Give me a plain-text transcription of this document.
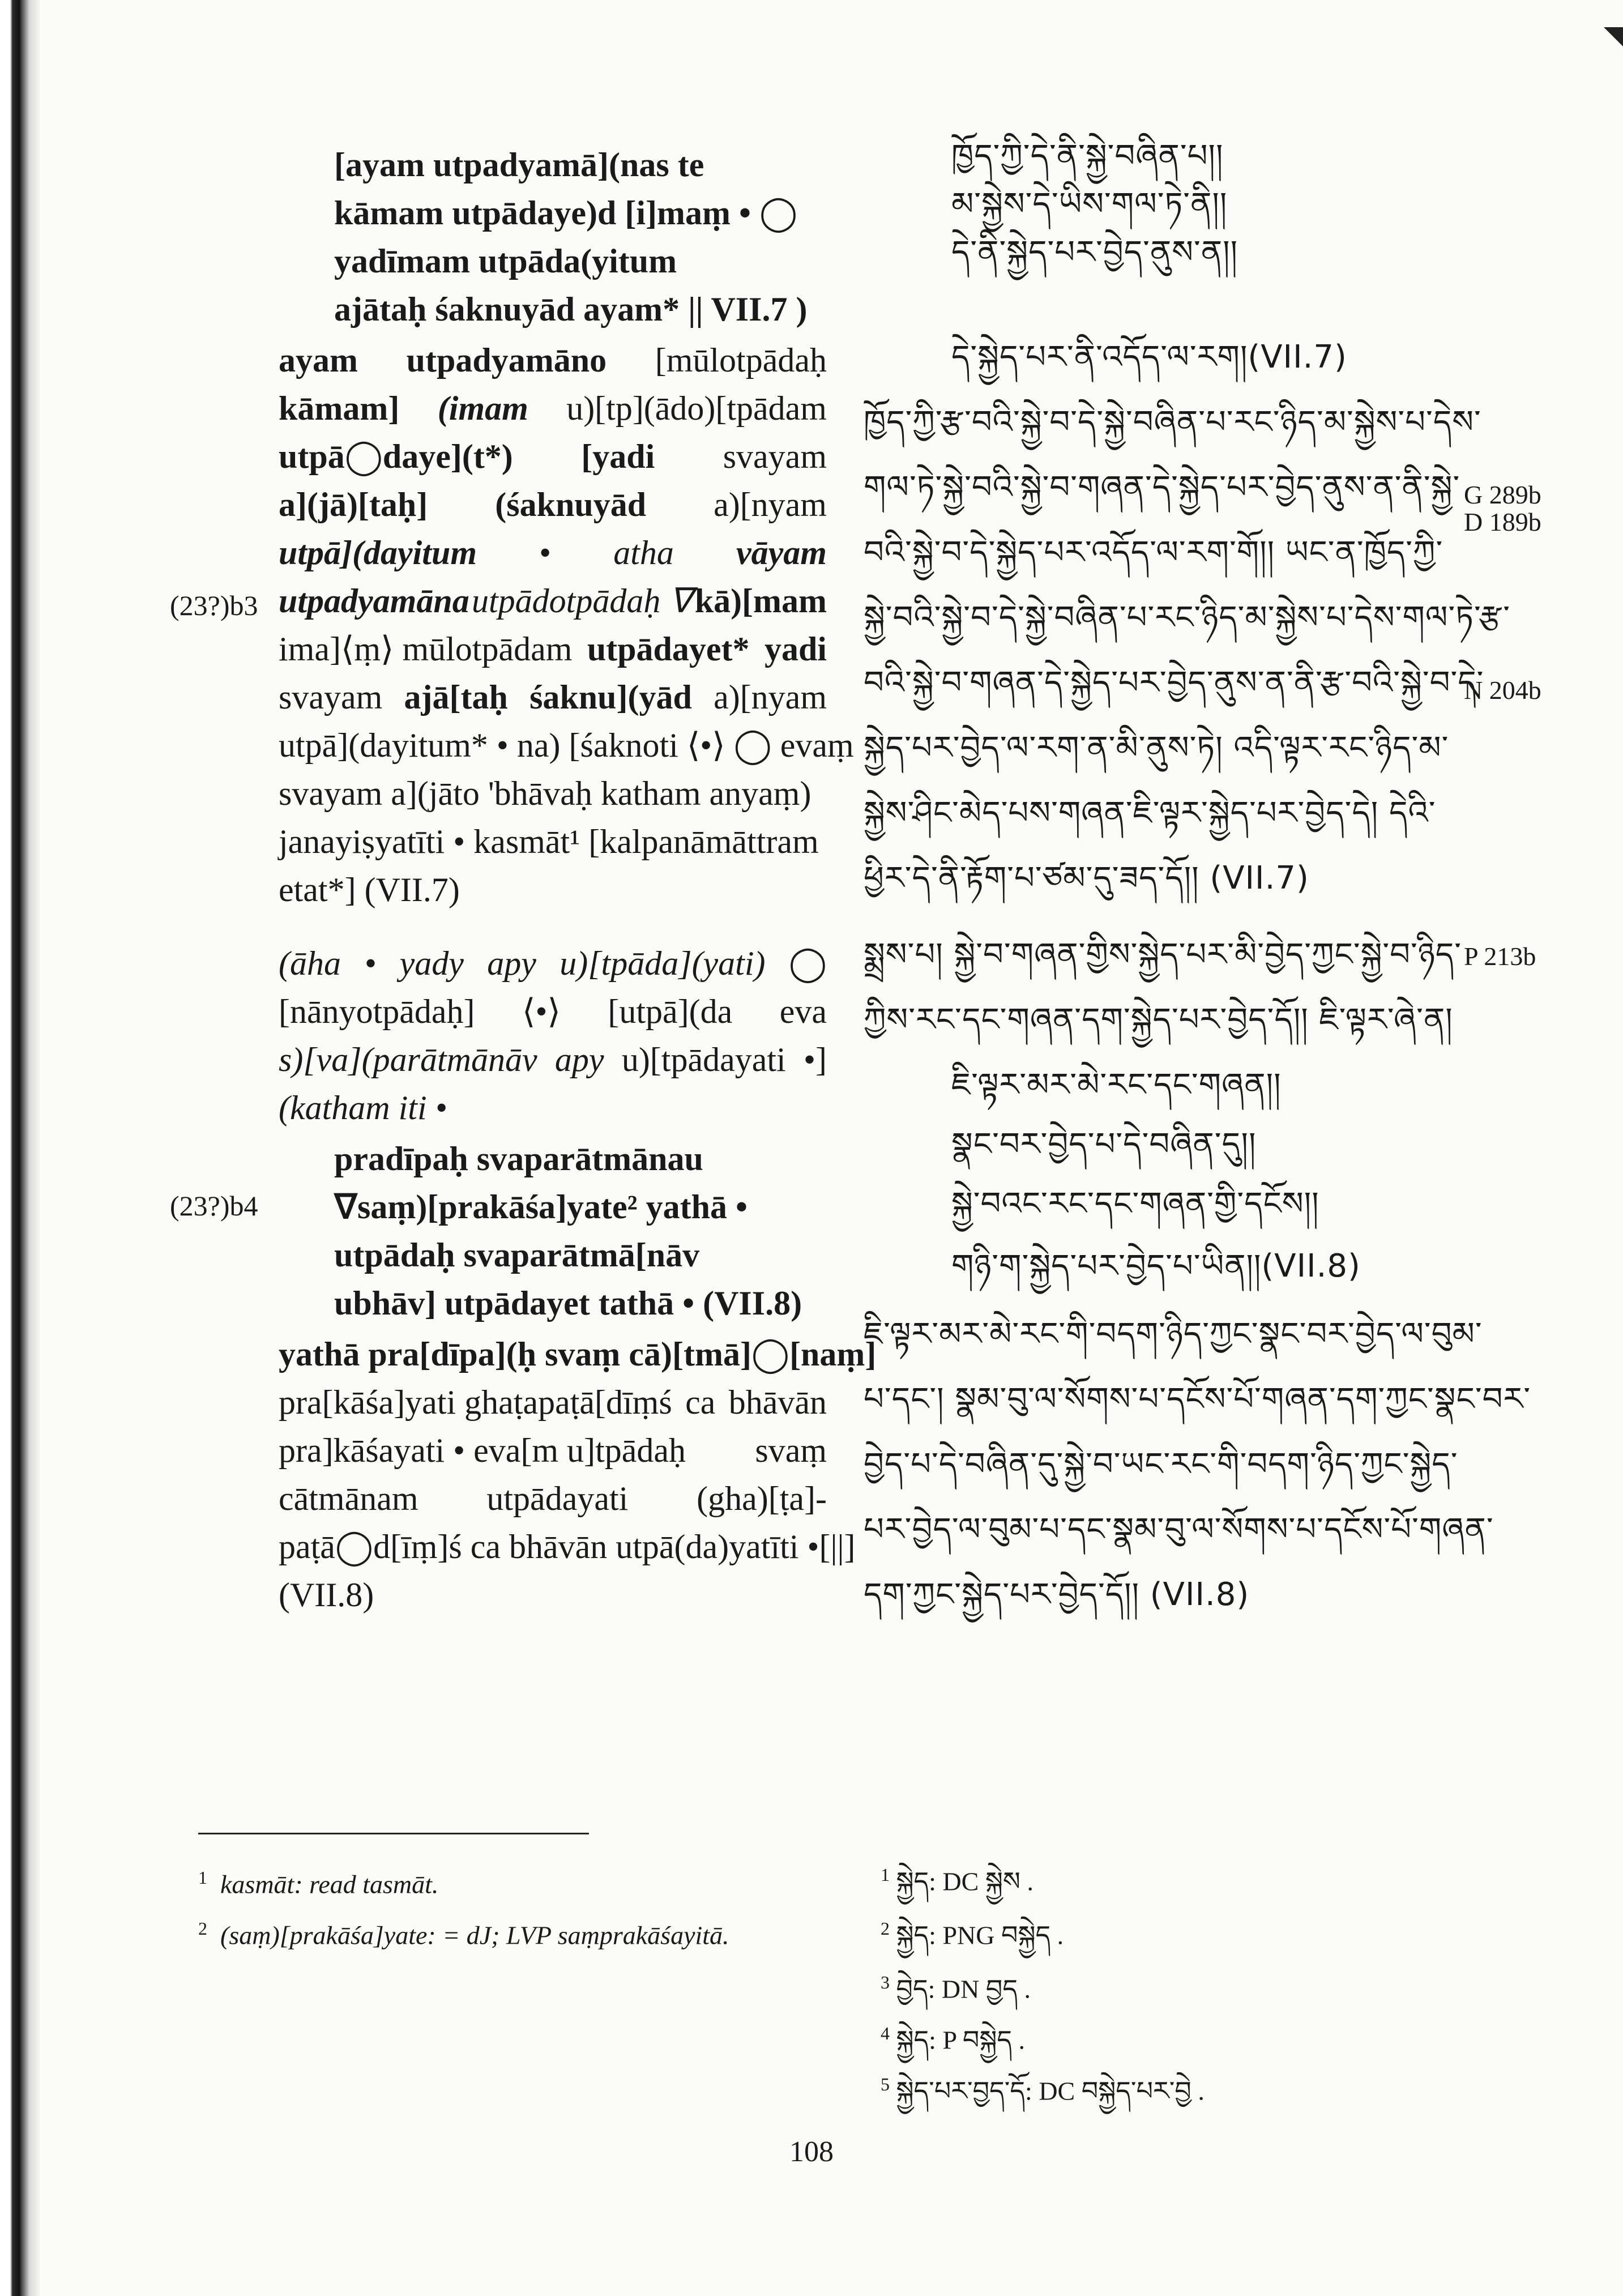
[ayam utpadyamā](nas te
kāmam utpādaye)d [i]maṃ • ◯
yadīmam utpāda(yitum
ajātaḥ śaknuyād ayam* || VII.7 )
ayam utpadyamāno [mūlotpādaḥ
kāmam] (imam u)[tp](ādo)[tpādam
utpā◯daye](t*) [yadi svayam
a](jā)[taḥ] (śaknuyād a)[nyam
utpā](dayitum • atha vāyam
(23?)b3 utpadyamāna utpādotpādaḥ ᐁ kā)[mam
ima]⟨ṃ⟩ mūlotpādam utpādayet* yadi
svayam ajā[taḥ śaknu](yād a)[nyam
utpā](dayitum* • na) [śaknoti ⟨•⟩ ◯ evaṃ
svayam a](jāto 'bhāvaḥ katham anyaṃ)
janayiṣyatīti • kasmāt¹ [kalpanāmāttram
etat*] (VII.7)
(āha • yady apy u)[tpāda](yati) ◯
[nānyotpādaḥ] ⟨•⟩ [utpā](da eva
s)[va](parātmānāv apy u)[tpādayati •]
(katham iti •
pradīpaḥ svaparātmānau
(23?)b4 ᐁsaṃ)[prakāśa]yate² yathā •
utpādaḥ svaparātmā[nāv
ubhāv] utpādayet tathā • (VII.8)
yathā pra[dīpa](ḥ svaṃ cā)[tmā]◯[naṃ]
pra[kāśa]yati ghaṭapaṭā[dīṃś ca bhāvān
pra]kāśayati • eva[m u]tpādaḥ svaṃ
cātmānam utpādayati (gha)[ṭa]-
paṭā◯d[īṃ]ś ca bhāvān utpā(da)yatīti •[||]
(VII.8)
ཁྱོད་ཀྱི་དེ་ནི་སྐྱེ་བཞིན་པ།།
མ་སྐྱེས་དེ་ཡིས་གལ་ཏེ་ནི།།
དེ་ནི་སྐྱེད་པར་བྱེད་ནུས་ན།།
དེ་སྐྱེད་པར་ནི་འདོད་ལ་རག།(VII.7)
ཁྱོད་ཀྱི་རྩ་བའི་སྐྱེ་བ་དེ་སྐྱེ་བཞིན་པ་རང་ཉིད་མ་སྐྱེས་པ་དེས་
གལ་ཏེ་སྐྱེ་བའི་སྐྱེ་བ་གཞན་དེ་སྐྱེད་པར་བྱེད་ནུས་ན་ནི་སྐྱེ་
བའི་སྐྱེ་བ་དེ་སྐྱེད་པར་འདོད་ལ་རག་གོ།། ཡང་ན་ཁྱོད་ཀྱི་
སྐྱེ་བའི་སྐྱེ་བ་དེ་སྐྱེ་བཞིན་པ་རང་ཉིད་མ་སྐྱེས་པ་དེས་གལ་ཏེ་རྩ་
བའི་སྐྱེ་བ་གཞན་དེ་སྐྱེད་པར་བྱེད་ནུས་ན་ནི་རྩ་བའི་སྐྱེ་བ་དེ་
སྐྱེད་པར་བྱེད་ལ་རག་ན་མི་ནུས་ཏེ། འདི་ལྟར་རང་ཉིད་མ་
སྐྱེས་ཤིང་མེད་པས་གཞན་ཇི་ལྟར་སྐྱེད་པར་བྱེད་དེ། དེའི་
ཕྱིར་དེ་ནི་རྟོག་པ་ཙམ་དུ་ཟད་དོ།། (VII.7)
སྨྲས་པ། སྐྱེ་བ་གཞན་གྱིས་སྐྱེད་པར་མི་བྱེད་ཀྱང་སྐྱེ་བ་ཉིད་
ཀྱིས་རང་དང་གཞན་དག་སྐྱེད་པར་བྱེད་དོ།། ཇི་ལྟར་ཞེ་ན།
ཇི་ལྟར་མར་མེ་རང་དང་གཞན།།
སྣང་བར་བྱེད་པ་དེ་བཞིན་དུ།།
སྐྱེ་བའང་རང་དང་གཞན་གྱི་དངོས།།
གཉི་ག་སྐྱེད་པར་བྱེད་པ་ཡིན།།(VII.8)
ཇི་ལྟར་མར་མེ་རང་གི་བདག་ཉིད་ཀྱང་སྣང་བར་བྱེད་ལ་བུམ་
པ་དང་། སྣམ་བུ་ལ་སོགས་པ་དངོས་པོ་གཞན་དག་ཀྱང་སྣང་བར་
བྱེད་པ་དེ་བཞིན་དུ་སྐྱེ་བ་ཡང་རང་གི་བདག་ཉིད་ཀྱང་སྐྱེད་
པར་བྱེད་ལ་བུམ་པ་དང་སྣམ་བུ་ལ་སོགས་པ་དངོས་པོ་གཞན་
དག་ཀྱང་སྐྱེད་པར་བྱེད་དོ།། (VII.8)
G 289b
D 189b
N 204b
P 213b
$^1$ kasmāt: read tasmāt.
$^2$ (saṃ)[prakāśa]yate: = dJ; LVP saṃprakāśayitā.
$^1$ སྐྱེད: DC སྐྱེས .
$^2$ སྐྱེད: PNG བསྐྱེད .
$^3$ བྱེད: DN བྱད .
$^4$ སྐྱེད: P བསྐྱེད .
$^5$ སྐྱེད་པར་བྱད་དོ: DC བསྐྱེད་པར་བྱེ .
108
